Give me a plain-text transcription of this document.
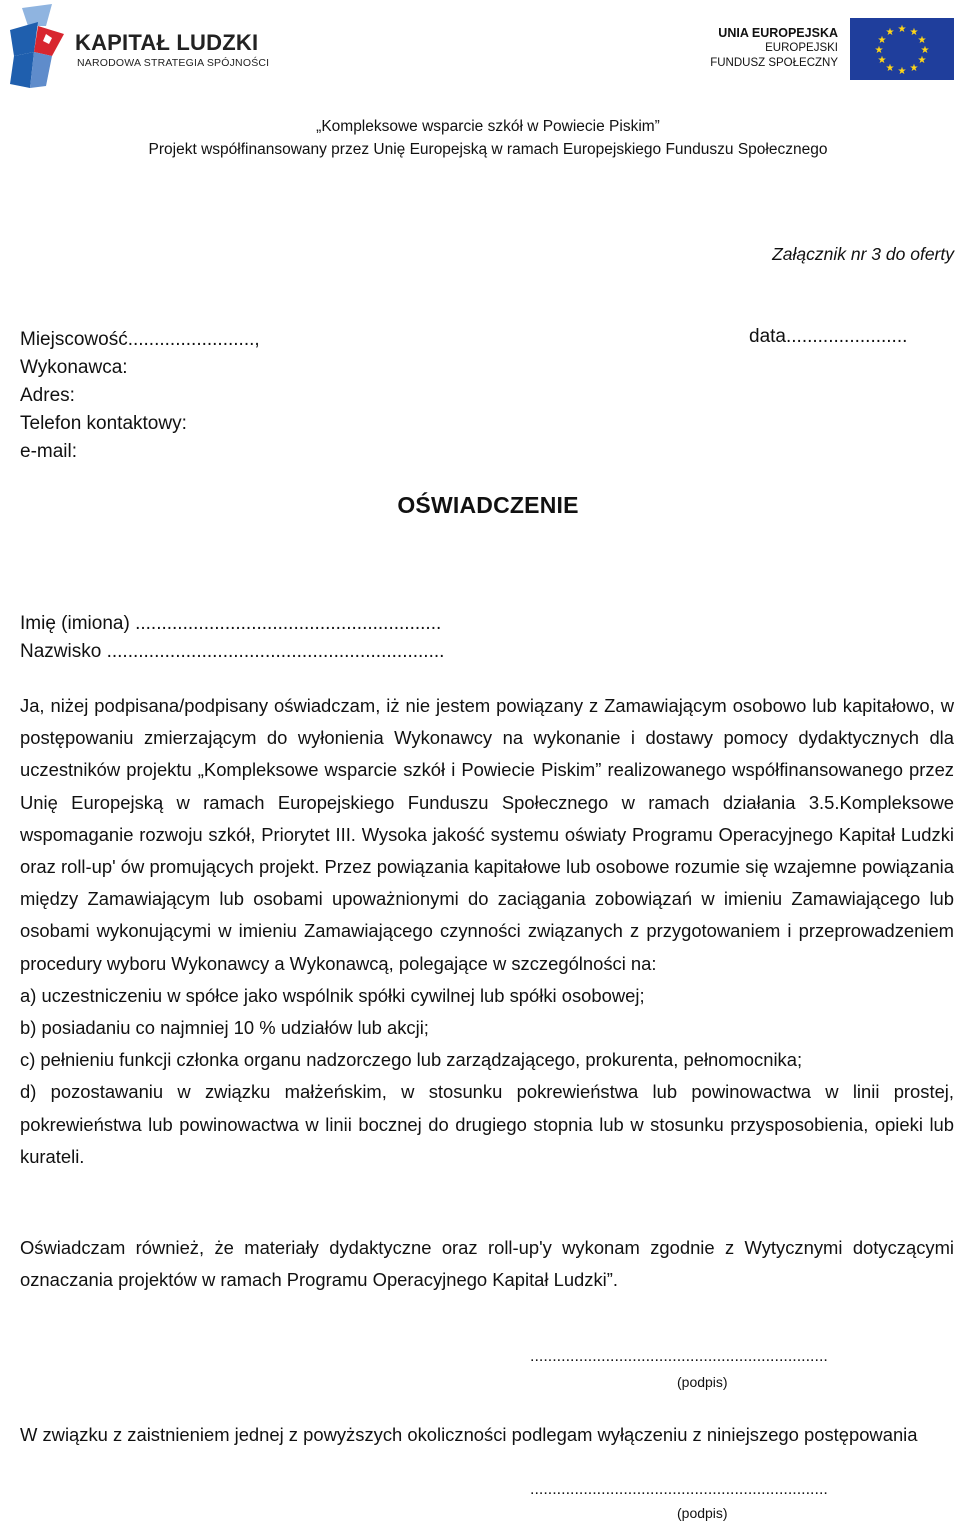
KAPITAŁ LUDZKI
NARODOWA STRATEGIA SPÓJNOŚCI
UNIA EUROPEJSKA
EUROPEJSKI
FUNDUSZ SPOŁECZNY
★ ★
★
★
★
★
★
★
★
★
★
★
„Kompleksowe wsparcie szkół w Powiecie Piskim”
Projekt współfinansowany przez Unię Europejską w ramach Europejskiego Funduszu Społecznego
Załącznik nr 3 do oferty
Miejscowość........................,
Wykonawca:
Adres:
Telefon kontaktowy:
e-mail:
data.......................
OŚWIADCZENIE
Imię (imiona) ..........................................................
Nazwisko ................................................................

Ja, niżej podpisana/podpisany oświadczam, iż nie jestem powiązany z Zamawiającym osobowo lub kapitałowo, w postępowaniu zmierzającym do wyłonienia Wykonawcy na wykonanie i dostawy pomocy dydaktycznych dla uczestników projektu „Kompleksowe wsparcie szkół i Powiecie Piskim” realizowanego współfinansowanego przez Unię Europejską w ramach Europejskiego Funduszu Społecznego w ramach działania 3.5.Kompleksowe wspomaganie rozwoju szkół, Priorytet III. Wysoka jakość systemu oświaty Programu Operacyjnego Kapitał Ludzki oraz roll-up' ów promujących projekt. Przez powiązania kapitałowe lub osobowe rozumie się wzajemne powiązania między Zamawiającym lub osobami upoważnionymi do zaciągania zobowiązań w imieniu Zamawiającego lub osobami wykonującymi w imieniu Zamawiającego czynności związanych z przygotowaniem i przeprowadzeniem procedury wyboru Wykonawcy a Wykonawcą, polegające w szczególności na:

a) uczestniczeniu w spółce jako wspólnik spółki cywilnej lub spółki osobowej;

b) posiadaniu co najmniej 10 % udziałów lub akcji;

c) pełnieniu funkcji członka organu nadzorczego lub zarządzającego, prokurenta, pełnomocnika;

d) pozostawaniu w związku małżeńskim, w stosunku pokrewieństwa lub powinowactwa w linii prostej, pokrewieństwa lub powinowactwa w linii bocznej do drugiego stopnia lub w stosunku przysposobienia, opieki lub kurateli.

Oświadczam również, że materiały dydaktyczne oraz roll-up'y wykonam zgodnie z Wytycznymi dotyczącymi oznaczania projektów w ramach Programu Operacyjnego Kapitał Ludzki”.
...................................................................
(podpis)
W związku z zaistnieniem jednej z powyższych okoliczności podlegam wyłączeniu z niniejszego postępowania
...................................................................
(podpis)
